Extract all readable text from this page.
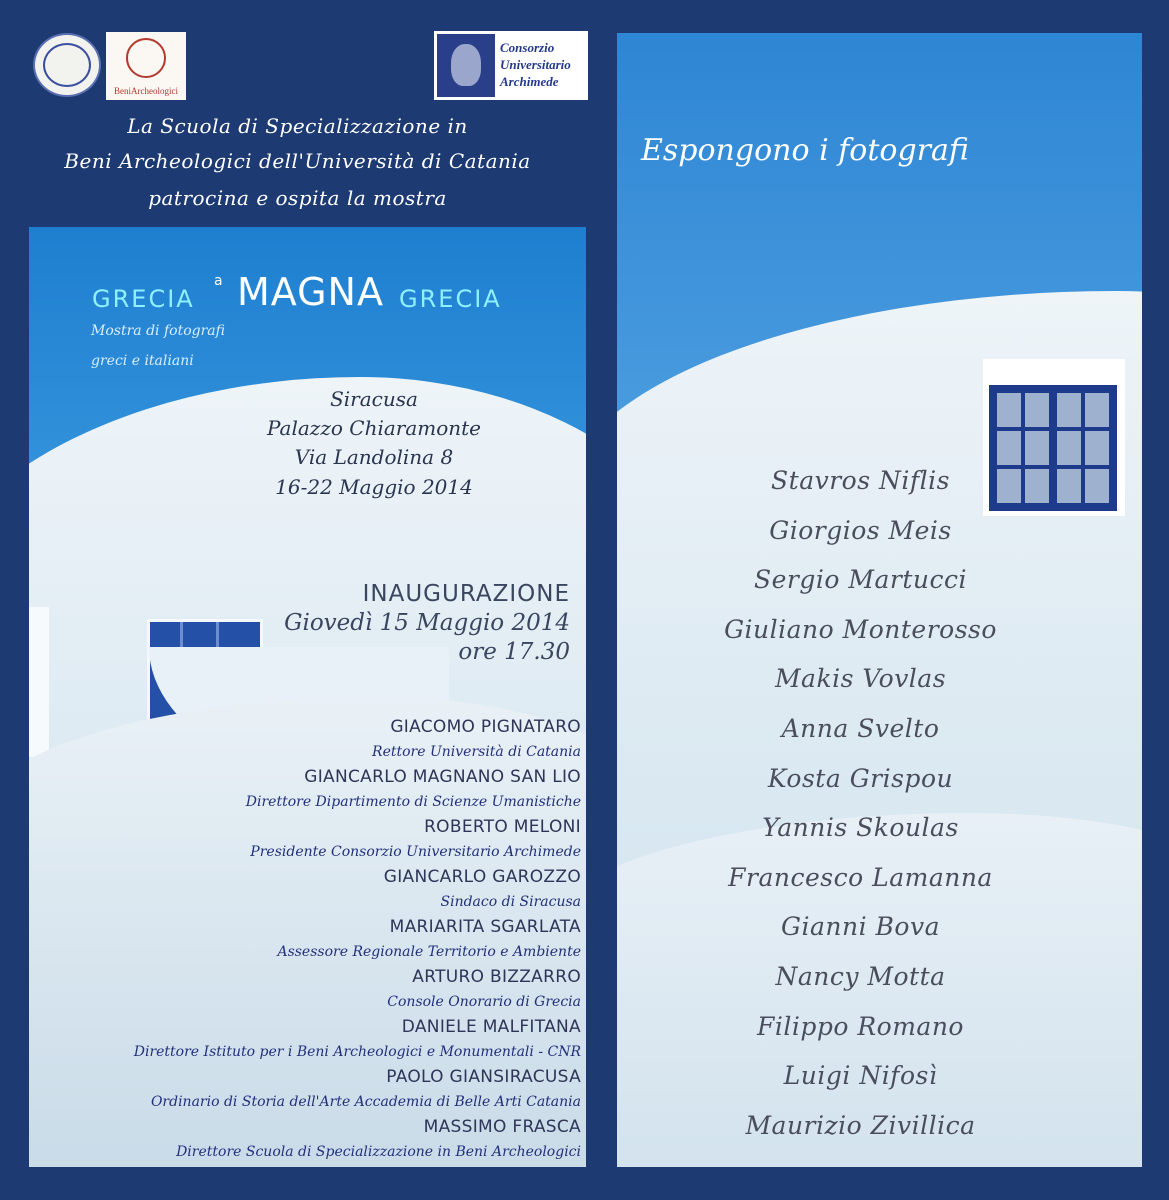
BeniArcheologici
Consorzio
Universitario
Archimede
La Scuola di Specializzazione in
Beni Archeologici dell'Università di Catania
patrocina e ospita la mostra
GRECIA
a MAGNA GRECIA
Mostra di fotografi
greci e italiani
Siracusa
Palazzo Chiaramonte
Via Landolina 8
16-22 Maggio 2014
INAUGURAZIONE
Giovedì 15 Maggio 2014
ore 17.30
GIACOMO PIGNATARO
Rettore Università di Catania
GIANCARLO MAGNANO SAN LIO
Direttore Dipartimento di Scienze Umanistiche
ROBERTO MELONI
Presidente Consorzio Universitario Archimede
GIANCARLO GAROZZO
Sindaco di Siracusa
MARIARITA SGARLATA
Assessore Regionale Territorio e Ambiente
ARTURO BIZZARRO
Console Onorario di Grecia
DANIELE MALFITANA
Direttore Istituto per i Beni Archeologici e Monumentali - CNR
PAOLO GIANSIRACUSA
Ordinario di Storia dell'Arte Accademia di Belle Arti Catania
MASSIMO FRASCA
Direttore Scuola di Specializzazione in Beni Archeologici
Espongono i fotografi
Stavros Niflis
Giorgios Meis
Sergio Martucci
Giuliano Monterosso
Makis Vovlas
Anna Svelto
Kosta Grispou
Yannis Skoulas
Francesco Lamanna
Gianni Bova
Nancy Motta
Filippo Romano
Luigi Nifosì
Maurizio Zivillica
